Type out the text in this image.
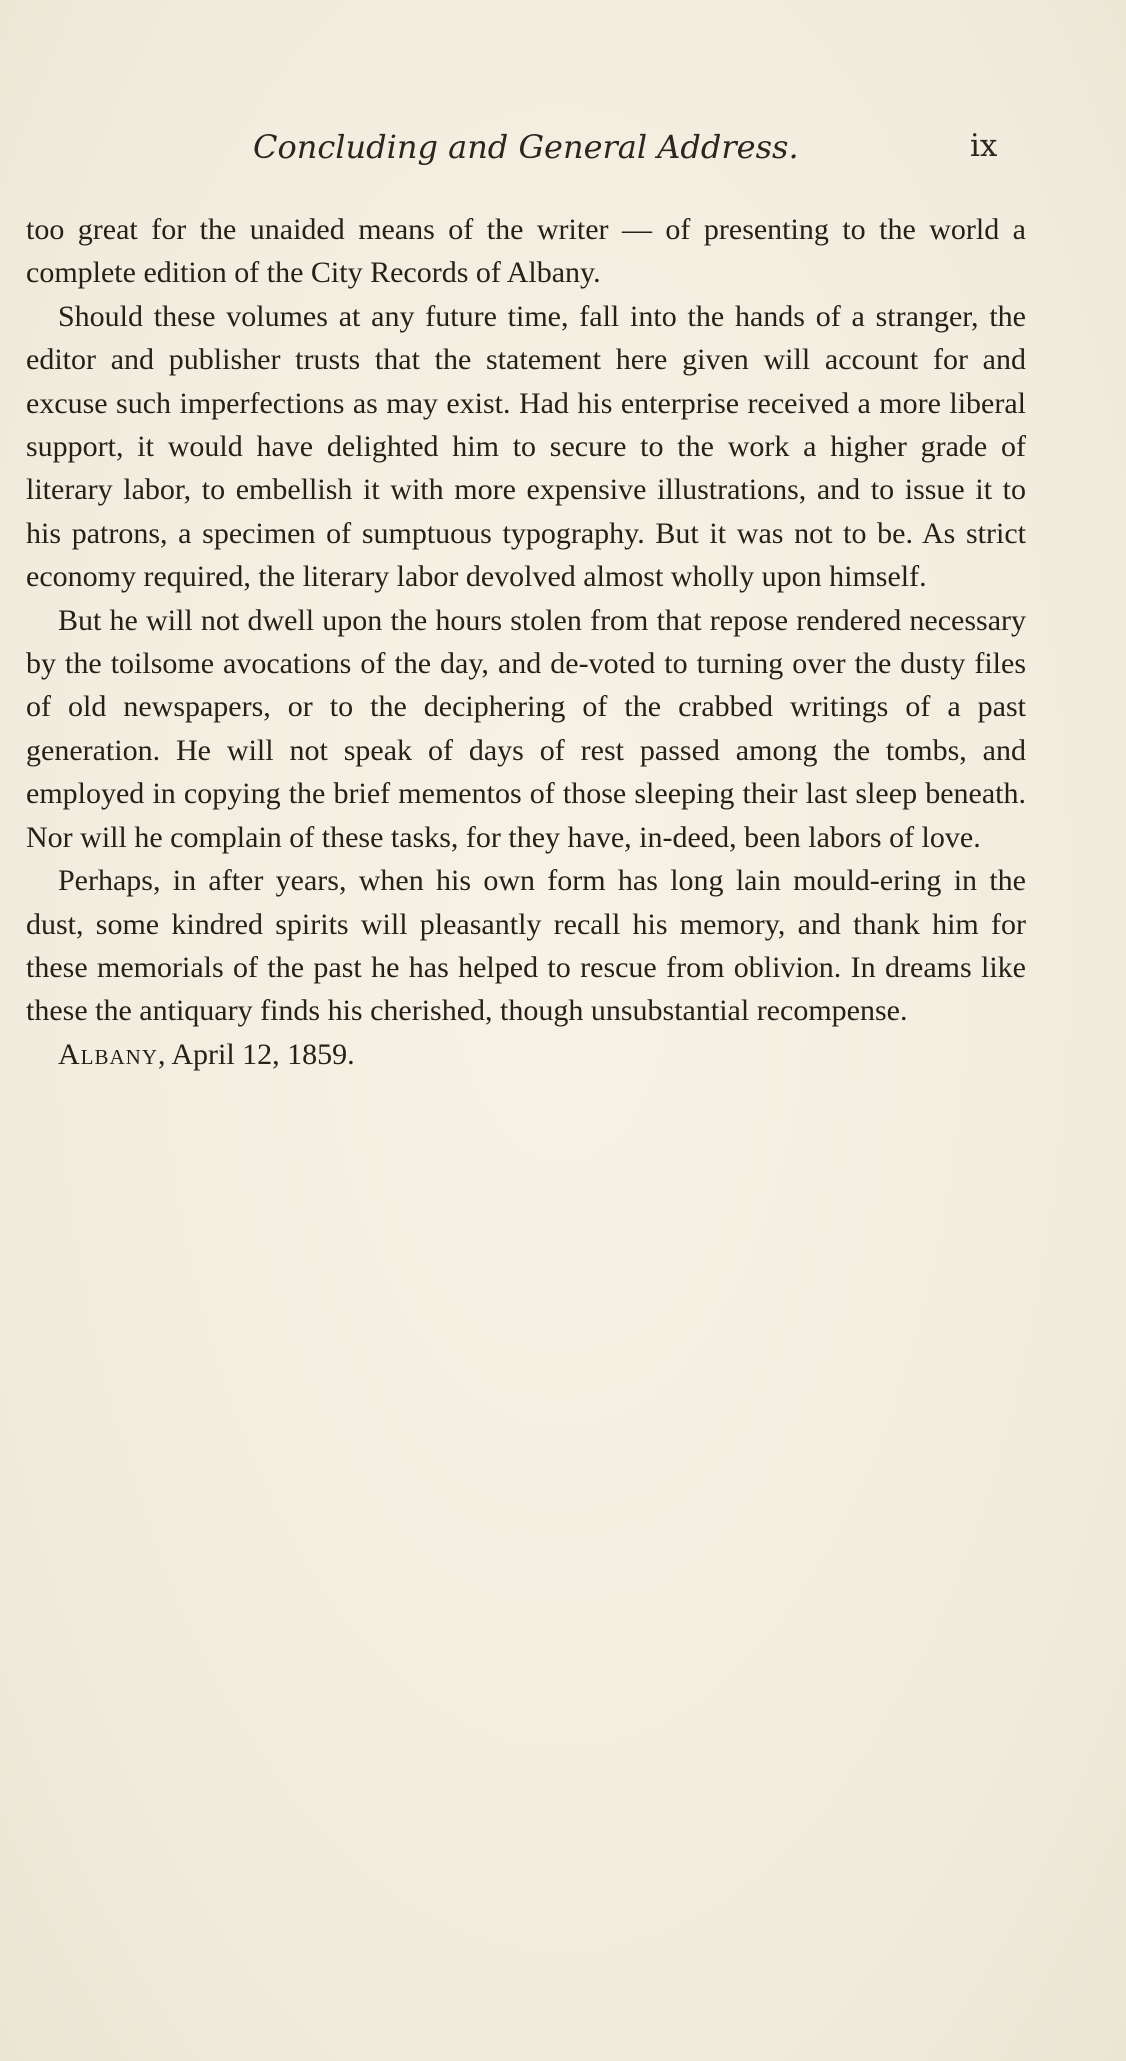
Concluding and General Address.	ix

too great for the unaided means of the writer — of presenting to the world a complete edition of the City Records of Albany.

Should these volumes at any future time, fall into the hands of a stranger, the editor and publisher trusts that the statement here given will account for and excuse such imperfections as may exist. Had his enterprise received a more liberal support, it would have delighted him to secure to the work a higher grade of literary labor, to embellish it with more expensive illustrations, and to issue it to his patrons, a specimen of sumptuous typography. But it was not to be. As strict economy required, the literary labor devolved almost wholly upon himself.

But he will not dwell upon the hours stolen from that repose rendered necessary by the toilsome avocations of the day, and de-voted to turning over the dusty files of old newspapers, or to the deciphering of the crabbed writings of a past generation. He will not speak of days of rest passed among the tombs, and employed in copying the brief mementos of those sleeping their last sleep beneath. Nor will he complain of these tasks, for they have, in-deed, been labors of love.

Perhaps, in after years, when his own form has long lain mould-ering in the dust, some kindred spirits will pleasantly recall his memory, and thank him for these memorials of the past he has helped to rescue from oblivion. In dreams like these the antiquary finds his cherished, though unsubstantial recompense.

Albany, April 12, 1859.
